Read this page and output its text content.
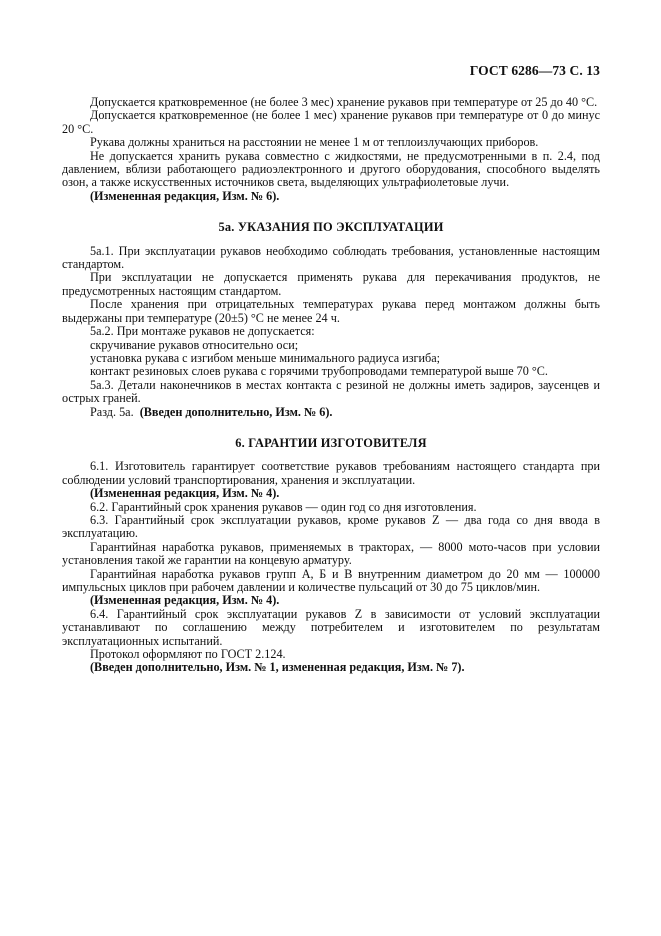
ГОСТ 6286—73 С. 13

Допускается кратковременное (не более 3 мес) хранение рукавов при температуре от 25 до 40 °С.

Допускается кратковременное (не более 1 мес) хранение рукавов при температуре от 0 до минус 20 °С.

Рукава должны храниться на расстоянии не менее 1 м от теплоизлучающих приборов.

Не допускается хранить рукава совместно с жидкостями, не предусмотренными в п. 2.4, под давлением, вблизи работающего радиоэлектронного и другого оборудования, способного выделять озон, а также искусственных источников света, выделяющих ультрафиолетовые лучи.

(Измененная редакция, Изм. № 6).

5а. УКАЗАНИЯ ПО ЭКСПЛУАТАЦИИ

5а.1. При эксплуатации рукавов необходимо соблюдать требования, установленные настоящим стандартом.

При эксплуатации не допускается применять рукава для перекачивания продуктов, не предусмотренных настоящим стандартом.

После хранения при отрицательных температурах рукава перед монтажом должны быть выдержаны при температуре (20±5) °С не менее 24 ч.

5а.2. При монтаже рукавов не допускается:

скручивание рукавов относительно оси;

установка рукава с изгибом меньше минимального радиуса изгиба;

контакт резиновых слоев рукава с горячими трубопроводами температурой выше 70 °С.

5а.3. Детали наконечников в местах контакта с резиной не должны иметь задиров, заусенцев и острых граней.

Разд. 5а. (Введен дополнительно, Изм. № 6).

6. ГАРАНТИИ ИЗГОТОВИТЕЛЯ

6.1. Изготовитель гарантирует соответствие рукавов требованиям настоящего стандарта при соблюдении условий транспортирования, хранения и эксплуатации.

(Измененная редакция, Изм. № 4).

6.2. Гарантийный срок хранения рукавов — один год со дня изготовления.

6.3. Гарантийный срок эксплуатации рукавов, кроме рукавов Z — два года со дня ввода в эксплуатацию.

Гарантийная наработка рукавов, применяемых в тракторах, — 8000 мото-часов при условии установления такой же гарантии на концевую арматуру.

Гарантийная наработка рукавов групп А, Б и В внутренним диаметром до 20 мм — 100000 импульсных циклов при рабочем давлении и количестве пульсаций от 30 до 75 циклов/мин.

(Измененная редакция, Изм. № 4).

6.4. Гарантийный срок эксплуатации рукавов Z в зависимости от условий эксплуатации устанавливают по соглашению между потребителем и изготовителем по результатам эксплуатационных испытаний.

Протокол оформляют по ГОСТ 2.124.

(Введен дополнительно, Изм. № 1, измененная редакция, Изм. № 7).
